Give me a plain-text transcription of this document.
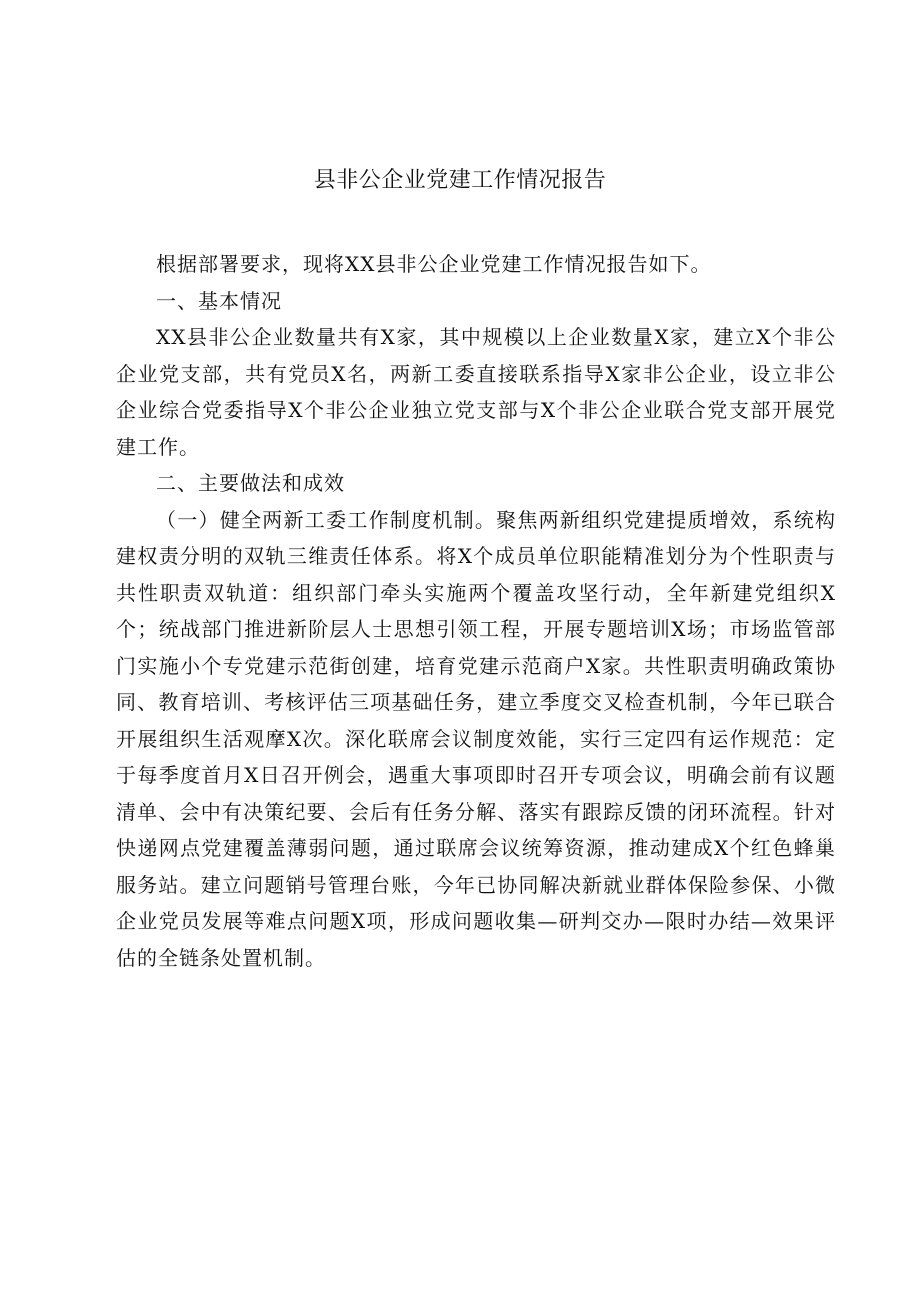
县非公企业党建工作情况报告

根据部署要求，现将XX县非公企业党建工作情况报告如下。

一、基本情况

XX县非公企业数量共有X家，其中规模以上企业数量X家，建立X个非公企业党支部，共有党员X名，两新工委直接联系指导X家非公企业，设立非公企业综合党委指导X个非公企业独立党支部与X个非公企业联合党支部开展党建工作。

二、主要做法和成效

（一）健全两新工委工作制度机制。聚焦两新组织党建提质增效，系统构建权责分明的双轨三维责任体系。将X个成员单位职能精准划分为个性职责与共性职责双轨道：组织部门牵头实施两个覆盖攻坚行动，全年新建党组织X个；统战部门推进新阶层人士思想引领工程，开展专题培训X场；市场监管部门实施小个专党建示范街创建，培育党建示范商户X家。共性职责明确政策协同、教育培训、考核评估三项基础任务，建立季度交叉检查机制，今年已联合开展组织生活观摩X次。深化联席会议制度效能，实行三定四有运作规范：定于每季度首月X日召开例会，遇重大事项即时召开专项会议，明确会前有议题清单、会中有决策纪要、会后有任务分解、落实有跟踪反馈的闭环流程。针对快递网点党建覆盖薄弱问题，通过联席会议统筹资源，推动建成X个红色蜂巢服务站。建立问题销号管理台账，今年已协同解决新就业群体保险参保、小微企业党员发展等难点问题X项，形成问题收集—研判交办—限时办结—效果评估的全链条处置机制。
